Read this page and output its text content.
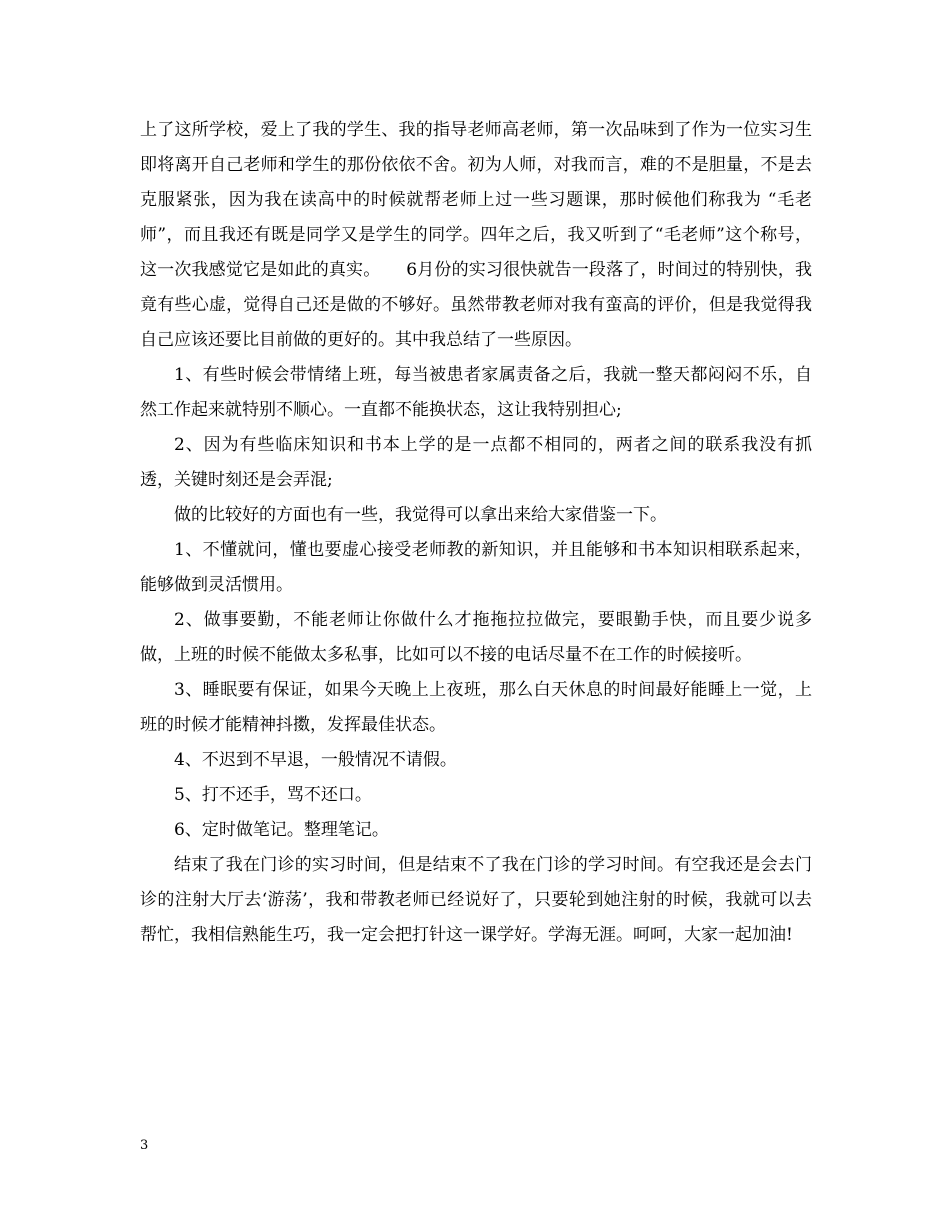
上了这所学校，爱上了我的学生、我的指导老师高老师，第一次品味到了作为一位实习生即将离开自己老师和学生的那份依依不舍。初为人师，对我而言，难的不是胆量，不是去克服紧张，因为我在读高中的时候就帮老师上过一些习题课，那时候他们称我为 “毛老师”，而且我还有既是同学又是学生的同学。四年之后，我又听到了“毛老师”这个称号，这一次我感觉它是如此的真实。　　6月份的实习很快就告一段落了，时间过的特别快，我竟有些心虚，觉得自己还是做的不够好。虽然带教老师对我有蛮高的评价，但是我觉得我自己应该还要比目前做的更好的。其中我总结了一些原因。

1、有些时候会带情绪上班，每当被患者家属责备之后，我就一整天都闷闷不乐，自然工作起来就特别不顺心。一直都不能换状态，这让我特别担心;

2、因为有些临床知识和书本上学的是一点都不相同的，两者之间的联系我没有抓透，关键时刻还是会弄混;

做的比较好的方面也有一些，我觉得可以拿出来给大家借鉴一下。

1、不懂就问，懂也要虚心接受老师教的新知识，并且能够和书本知识相联系起来，能够做到灵活惯用。

2、做事要勤，不能老师让你做什么才拖拖拉拉做完，要眼勤手快，而且要少说多做，上班的时候不能做太多私事，比如可以不接的电话尽量不在工作的时候接听。

3、睡眠要有保证，如果今天晚上上夜班，那么白天休息的时间最好能睡上一觉，上班的时候才能精神抖擞，发挥最佳状态。

4、不迟到不早退，一般情况不请假。

5、打不还手，骂不还口。

6、定时做笔记。整理笔记。

结束了我在门诊的实习时间，但是结束不了我在门诊的学习时间。有空我还是会去门诊的注射大厅去‘游荡’，我和带教老师已经说好了，只要轮到她注射的时候，我就可以去帮忙，我相信熟能生巧，我一定会把打针这一课学好。学海无涯。呵呵，大家一起加油!

3
